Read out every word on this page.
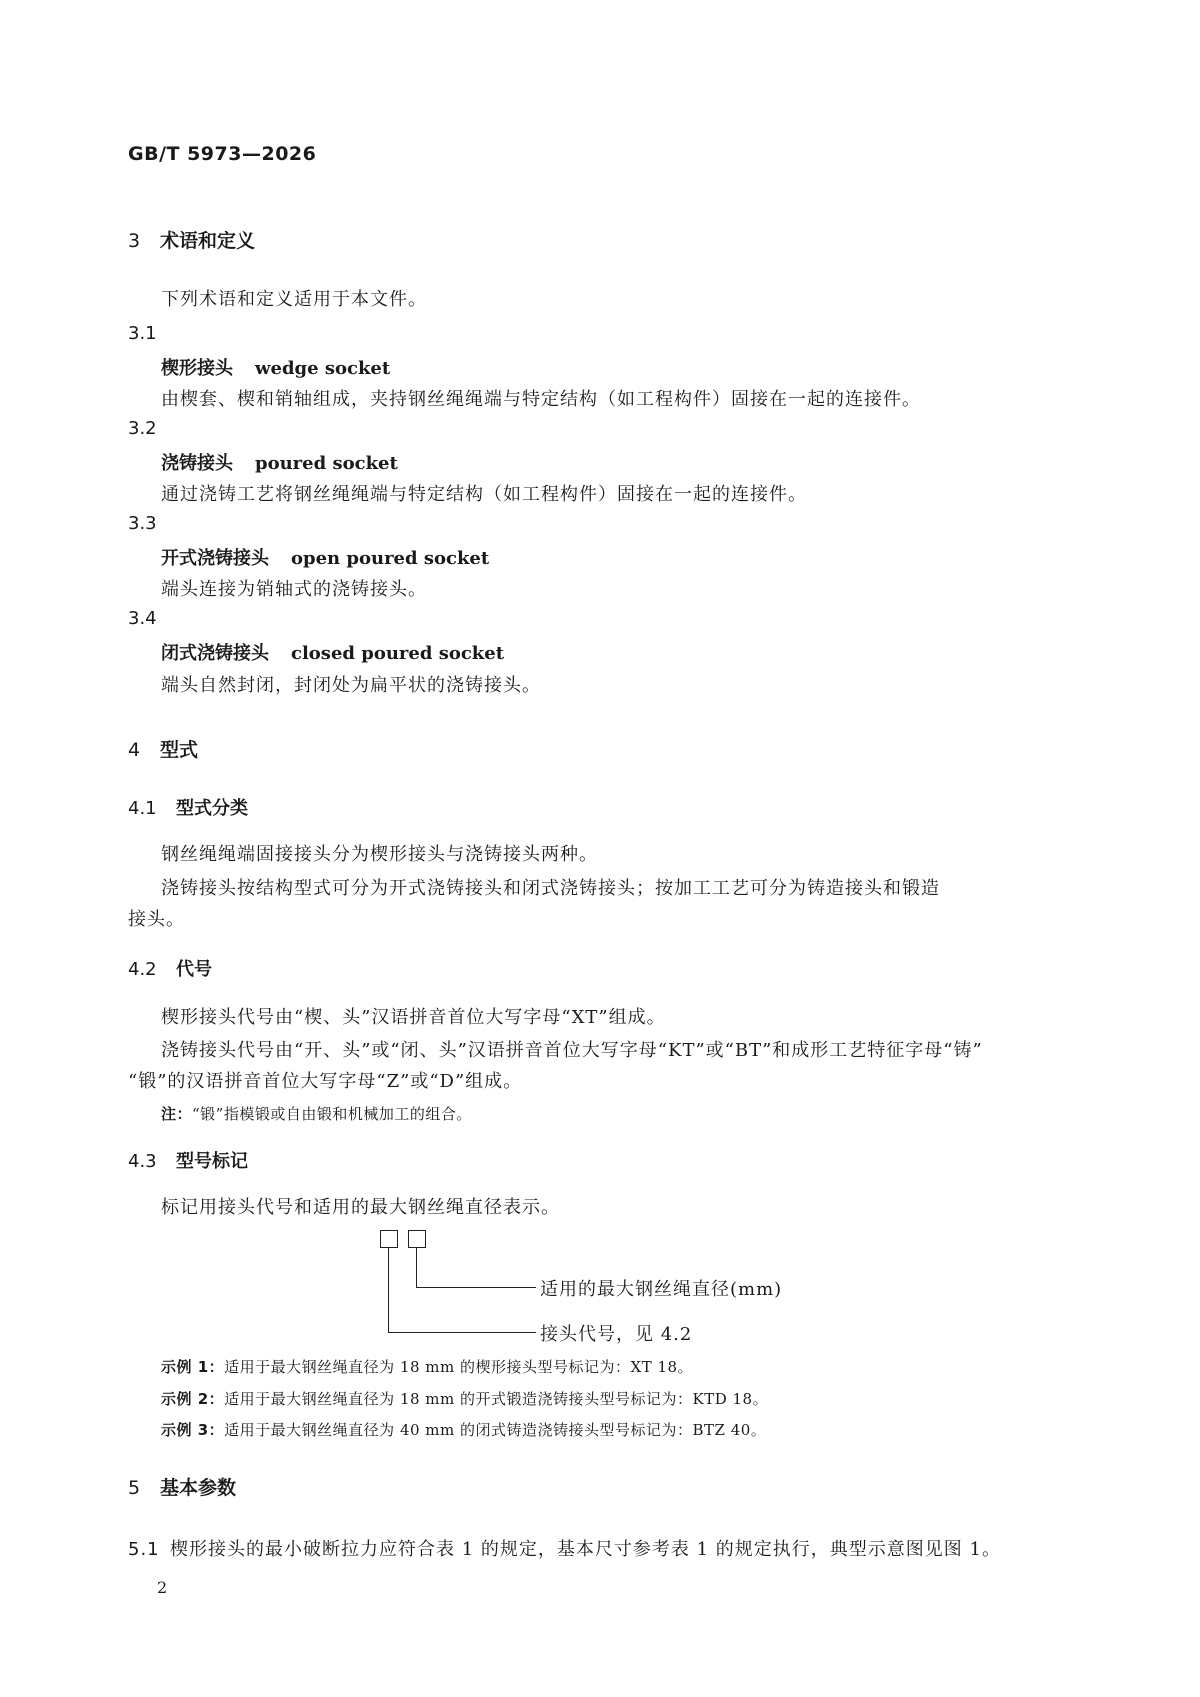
GB/T 5973—2026
3 术语和定义
下列术语和定义适用于本文件。
3.1
楔形接头 wedge socket
由楔套、楔和销轴组成，夹持钢丝绳绳端与特定结构（如工程构件）固接在一起的连接件。
3.2
浇铸接头 poured socket
通过浇铸工艺将钢丝绳绳端与特定结构（如工程构件）固接在一起的连接件。
3.3
开式浇铸接头 open poured socket
端头连接为销轴式的浇铸接头。
3.4
闭式浇铸接头 closed poured socket
端头自然封闭，封闭处为扁平状的浇铸接头。
4 型式
4.1 型式分类
钢丝绳绳端固接接头分为楔形接头与浇铸接头两种。
浇铸接头按结构型式可分为开式浇铸接头和闭式浇铸接头；按加工工艺可分为铸造接头和锻造
接头。
4.2 代号
楔形接头代号由“楔、头”汉语拼音首位大写字母“XT”组成。
浇铸接头代号由“开、头”或“闭、头”汉语拼音首位大写字母“KT”或“BT”和成形工艺特征字母“铸”
“锻”的汉语拼音首位大写字母“Z”或“D”组成。
注：“锻”指模锻或自由锻和机械加工的组合。
4.3 型号标记
标记用接头代号和适用的最大钢丝绳直径表示。
适用的最大钢丝绳直径(mm)
接头代号，见 4.2
示例 1：适用于最大钢丝绳直径为 18 mm 的楔形接头型号标记为：XT 18。
示例 2：适用于最大钢丝绳直径为 18 mm 的开式锻造浇铸接头型号标记为：KTD 18。
示例 3：适用于最大钢丝绳直径为 40 mm 的闭式铸造浇铸接头型号标记为：BTZ 40。
5 基本参数
5.1 楔形接头的最小破断拉力应符合表 1 的规定，基本尺寸参考表 1 的规定执行，典型示意图见图 1。
2
